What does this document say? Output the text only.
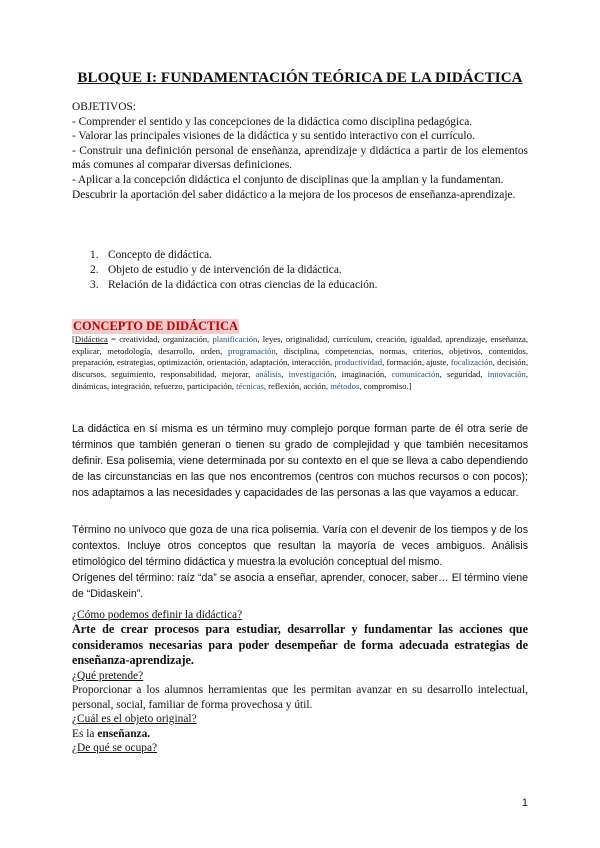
BLOQUE I: FUNDAMENTACIÓN TEÓRICA DE LA DIDÁCTICA

OBJETIVOS:

- Comprender el sentido y las concepciones de la didáctica como disciplina pedagógica.

- Valorar las principales visiones de la didáctica y su sentido interactivo con el currículo.

- Construir una definición personal de enseñanza, aprendizaje y didáctica a partir de los elementos más comunes al comparar diversas definiciones.

- Aplicar a la concepción didáctica el conjunto de disciplinas que la amplian y la fundamentan.

Descubrir la aportación del saber didáctico a la mejora de los procesos de enseñanza-aprendizaje.

1. Concepto de didáctica.
2. Objeto de estudio y de intervención de la didáctica.
3. Relación de la didáctica con otras ciencias de la educación.
CONCEPTO DE DIDÁCTICA
[Didáctica = creatividad, organización, planificación, leyes, originalidad, currículum, creación, igualdad, aprendizaje, enseñanza, explicar, metodología, desarrollo, orden, programación, disciplina, competencias, normas, criterios, objetivos, contenidos, preparación, estrategias, optimización, orientación, adaptación, interacción, productividad, formación, ajuste, focalización, decisión, discursos, seguimiento, responsabilidad, mejorar, análisis, investigación, imaginación, comunicación, seguridad, innovación, dinámicas, integración, refuerzo, participación, técnicas, reflexión, acción, métodos, compromiso.]

La didáctica en sí misma es un término muy complejo porque forman parte de él otra serie de términos que también generan o tienen su grado de complejidad y que también necesitamos definir. Esa polisemia, viene determinada por su contexto en el que se lleva a cabo dependiendo de las circunstancias en las que nos encontremos (centros con muchos recursos o con pocos); nos adaptamos a las necesidades y capacidades de las personas a las que vayamos a educar.

Término no unívoco que goza de una rica polisemia. Varía con el devenir de los tiempos y de los contextos. Incluye otros conceptos que resultan la mayoría de veces ambiguos. Análisis etimológico del término didáctica y muestra la evolución conceptual del mismo.

Orígenes del término: raíz “da” se asocia a enseñar, aprender, conocer, saber… El término viene de “Didaskein”.

¿Cómo podemos definir la didáctica?

Arte de crear procesos para estudiar, desarrollar y fundamentar las acciones que consideramos necesarias para poder desempeñar de forma adecuada estrategias de enseñanza-aprendizaje.

¿Qué pretende?

Proporcionar a los alumnos herramientas que les permitan avanzar en su desarrollo intelectual, personal, social, familiar de forma provechosa y útil.

¿Cuál es el objeto original?

Es la enseñanza.

¿De qué se ocupa?

1
